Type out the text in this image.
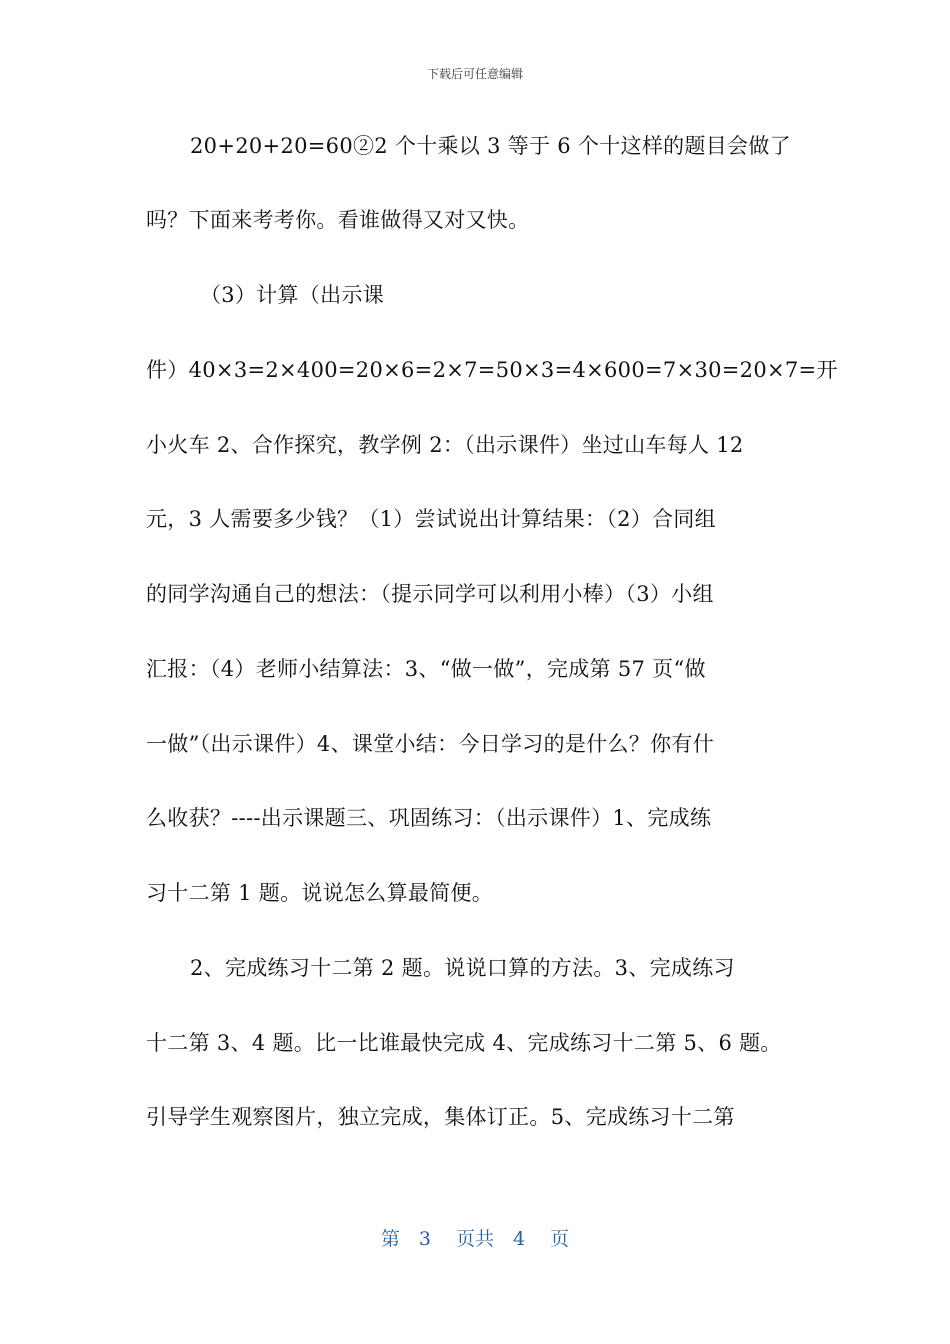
下载后可任意编辑
20+20+20=60②2 个十乘以 3 等于 6 个十这样的题目会做了
吗？下面来考考你。看谁做得又对又快。
（3）计算（出示课
件）40×3=2×400=20×6=2×7=50×3=4×600=7×30=20×7=开
小火车 2、合作探究，教学例 2：（出示课件）坐过山车每人 12
元，3 人需要多少钱？（1）尝试说出计算结果：（2）合同组
的同学沟通自己的想法：（提示同学可以利用小棒）（3）小组
汇报：（4）老师小结算法：3、“做一做”，完成第 57 页“做
一做”（出示课件）4、课堂小结：今日学习的是什么？你有什
么收获？----出示课题三、巩固练习：（出示课件）1、完成练
习十二第 1 题。说说怎么算最简便。
2、完成练习十二第 2 题。说说口算的方法。3、完成练习
十二第 3、4 题。比一比谁最快完成 4、完成练习十二第 5、6 题。
引导学生观察图片，独立完成，集体订正。5、完成练习十二第
第　3　 页共　4　 页
